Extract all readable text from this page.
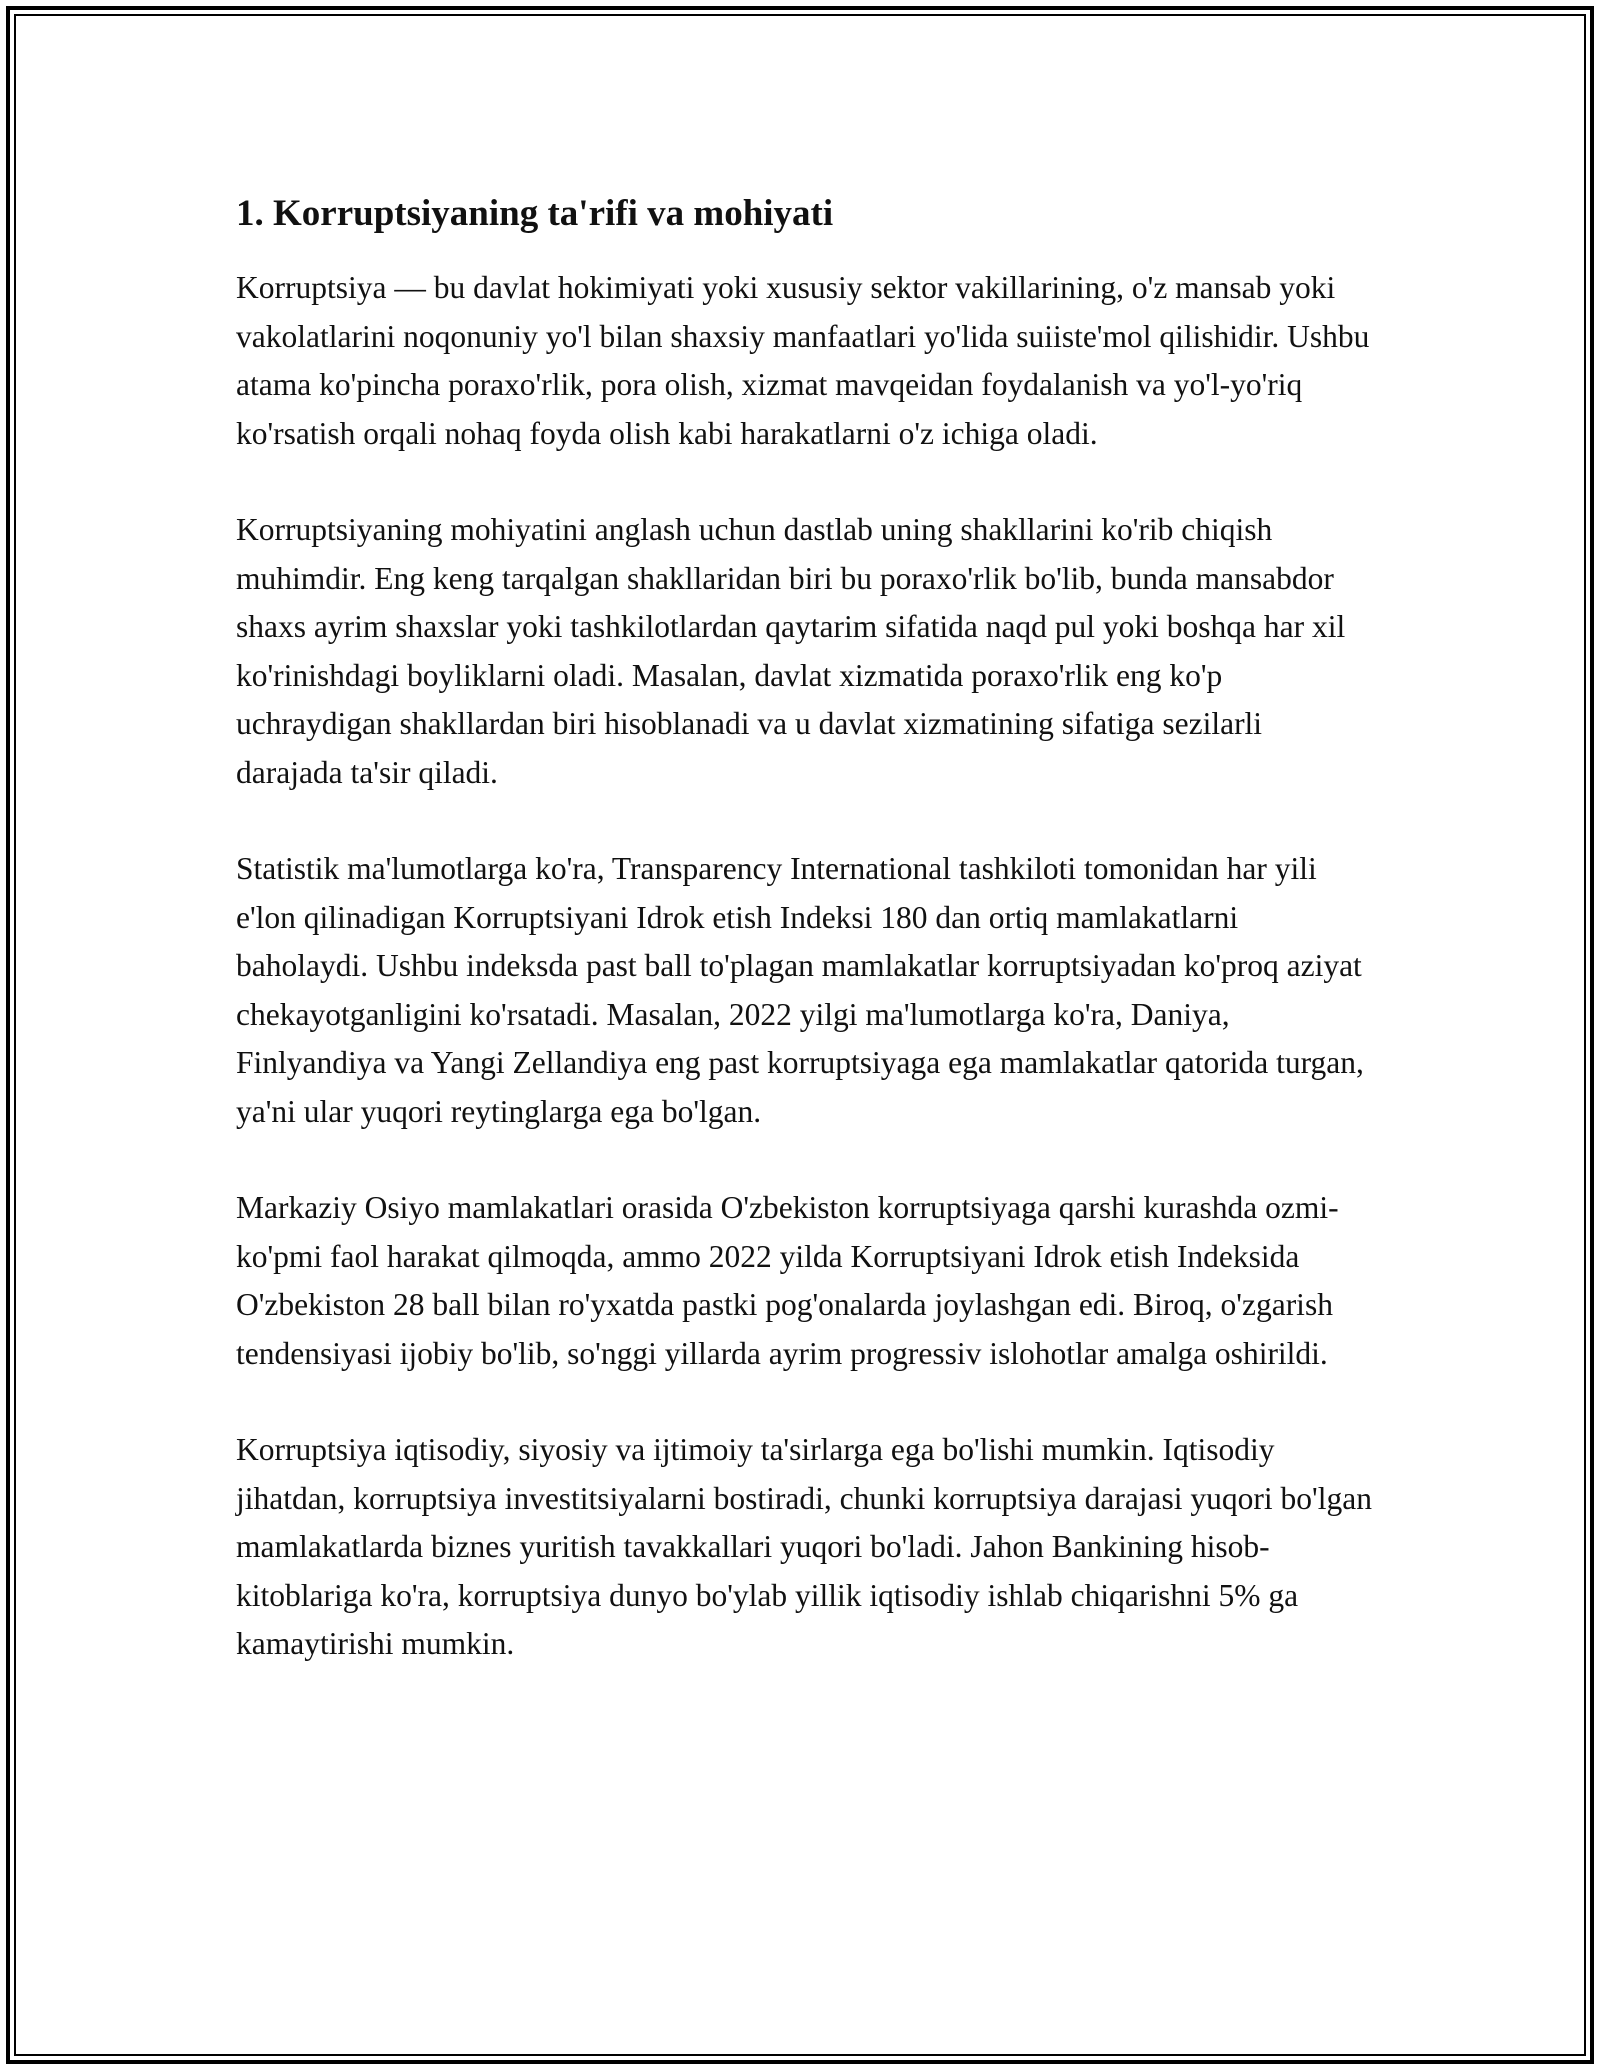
1. Korruptsiyaning ta'rifi va mohiyati

Korruptsiya — bu davlat hokimiyati yoki xususiy sektor vakillarining, o'z mansab yoki vakolatlarini noqonuniy yo'l bilan shaxsiy manfaatlari yo'lida suiiste'mol qilishidir. Ushbu atama ko'pincha poraxo'rlik, pora olish, xizmat mavqeidan foydalanish va yo'l-yo'riq ko'rsatish orqali nohaq foyda olish kabi harakatlarni o'z ichiga oladi.

Korruptsiyaning mohiyatini anglash uchun dastlab uning shakllarini ko'rib chiqish muhimdir. Eng keng tarqalgan shakllaridan biri bu poraxo'rlik bo'lib, bunda mansabdor shaxs ayrim shaxslar yoki tashkilotlardan qaytarim sifatida naqd pul yoki boshqa har xil ko'rinishdagi boyliklarni oladi. Masalan, davlat xizmatida poraxo'rlik eng ko'p uchraydigan shakllardan biri hisoblanadi va u davlat xizmatining sifatiga sezilarli darajada ta'sir qiladi.

Statistik ma'lumotlarga ko'ra, Transparency International tashkiloti tomonidan har yili e'lon qilinadigan Korruptsiyani Idrok etish Indeksi 180 dan ortiq mamlakatlarni baholaydi. Ushbu indeksda past ball to'plagan mamlakatlar korruptsiyadan ko'proq aziyat chekayotganligini ko'rsatadi. Masalan, 2022 yilgi ma'lumotlarga ko'ra, Daniya, Finlyandiya va Yangi Zellandiya eng past korruptsiyaga ega mamlakatlar qatorida turgan, ya'ni ular yuqori reytinglarga ega bo'lgan.

Markaziy Osiyo mamlakatlari orasida O'zbekiston korruptsiyaga qarshi kurashda ozmi-ko'pmi faol harakat qilmoqda, ammo 2022 yilda Korruptsiyani Idrok etish Indeksida O'zbekiston 28 ball bilan ro'yxatda pastki pog'onalarda joylashgan edi. Biroq, o'zgarish tendensiyasi ijobiy bo'lib, so'nggi yillarda ayrim progressiv islohotlar amalga oshirildi.

Korruptsiya iqtisodiy, siyosiy va ijtimoiy ta'sirlarga ega bo'lishi mumkin. Iqtisodiy jihatdan, korruptsiya investitsiyalarni bostiradi, chunki korruptsiya darajasi yuqori bo'lgan mamlakatlarda biznes yuritish tavakkallari yuqori bo'ladi. Jahon Bankining hisob-kitoblariga ko'ra, korruptsiya dunyo bo'ylab yillik iqtisodiy ishlab chiqarishni 5% ga kamaytirishi mumkin.
